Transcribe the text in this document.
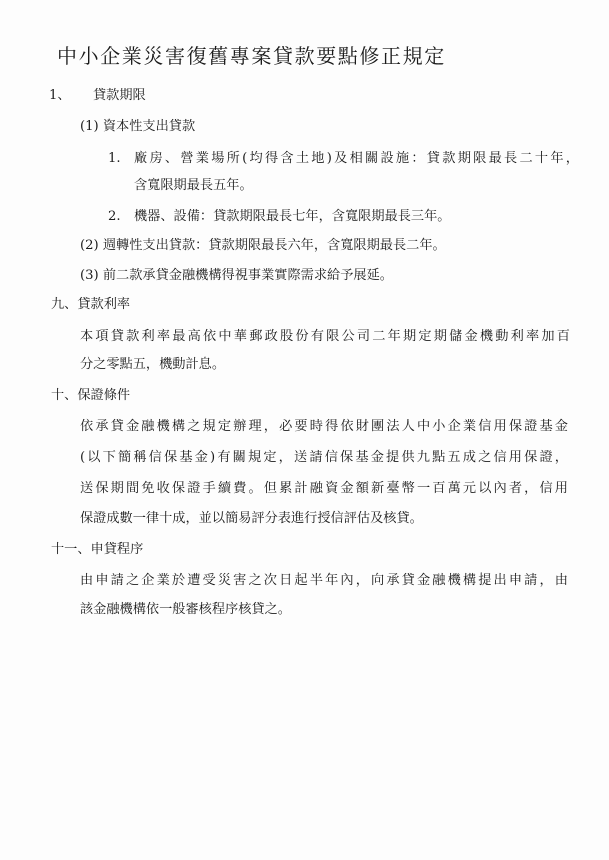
中小企業災害復舊專案貸款要點修正規定
1、 貸款期限
(1) 資本性支出貸款
1. 廠房、營業場所(均得含土地)及相關設施：貸款期限最長二十年，
含寬限期最長五年。
2. 機器、設備：貸款期限最長七年，含寬限期最長三年。
(2) 週轉性支出貸款：貸款期限最長六年，含寬限期最長二年。
(3) 前二款承貸金融機構得視事業實際需求給予展延。
九、貸款利率
本項貸款利率最高依中華郵政股份有限公司二年期定期儲金機動利率加百
分之零點五，機動計息。
十、保證條件
依承貸金融機構之規定辦理，必要時得依財團法人中小企業信用保證基金
(以下簡稱信保基金)有關規定，送請信保基金提供九點五成之信用保證，
送保期間免收保證手續費。但累計融資金額新臺幣一百萬元以內者，信用
保證成數一律十成，並以簡易評分表進行授信評估及核貸。
十一、申貸程序
由申請之企業於遭受災害之次日起半年內，向承貸金融機構提出申請，由
該金融機構依一般審核程序核貸之。
